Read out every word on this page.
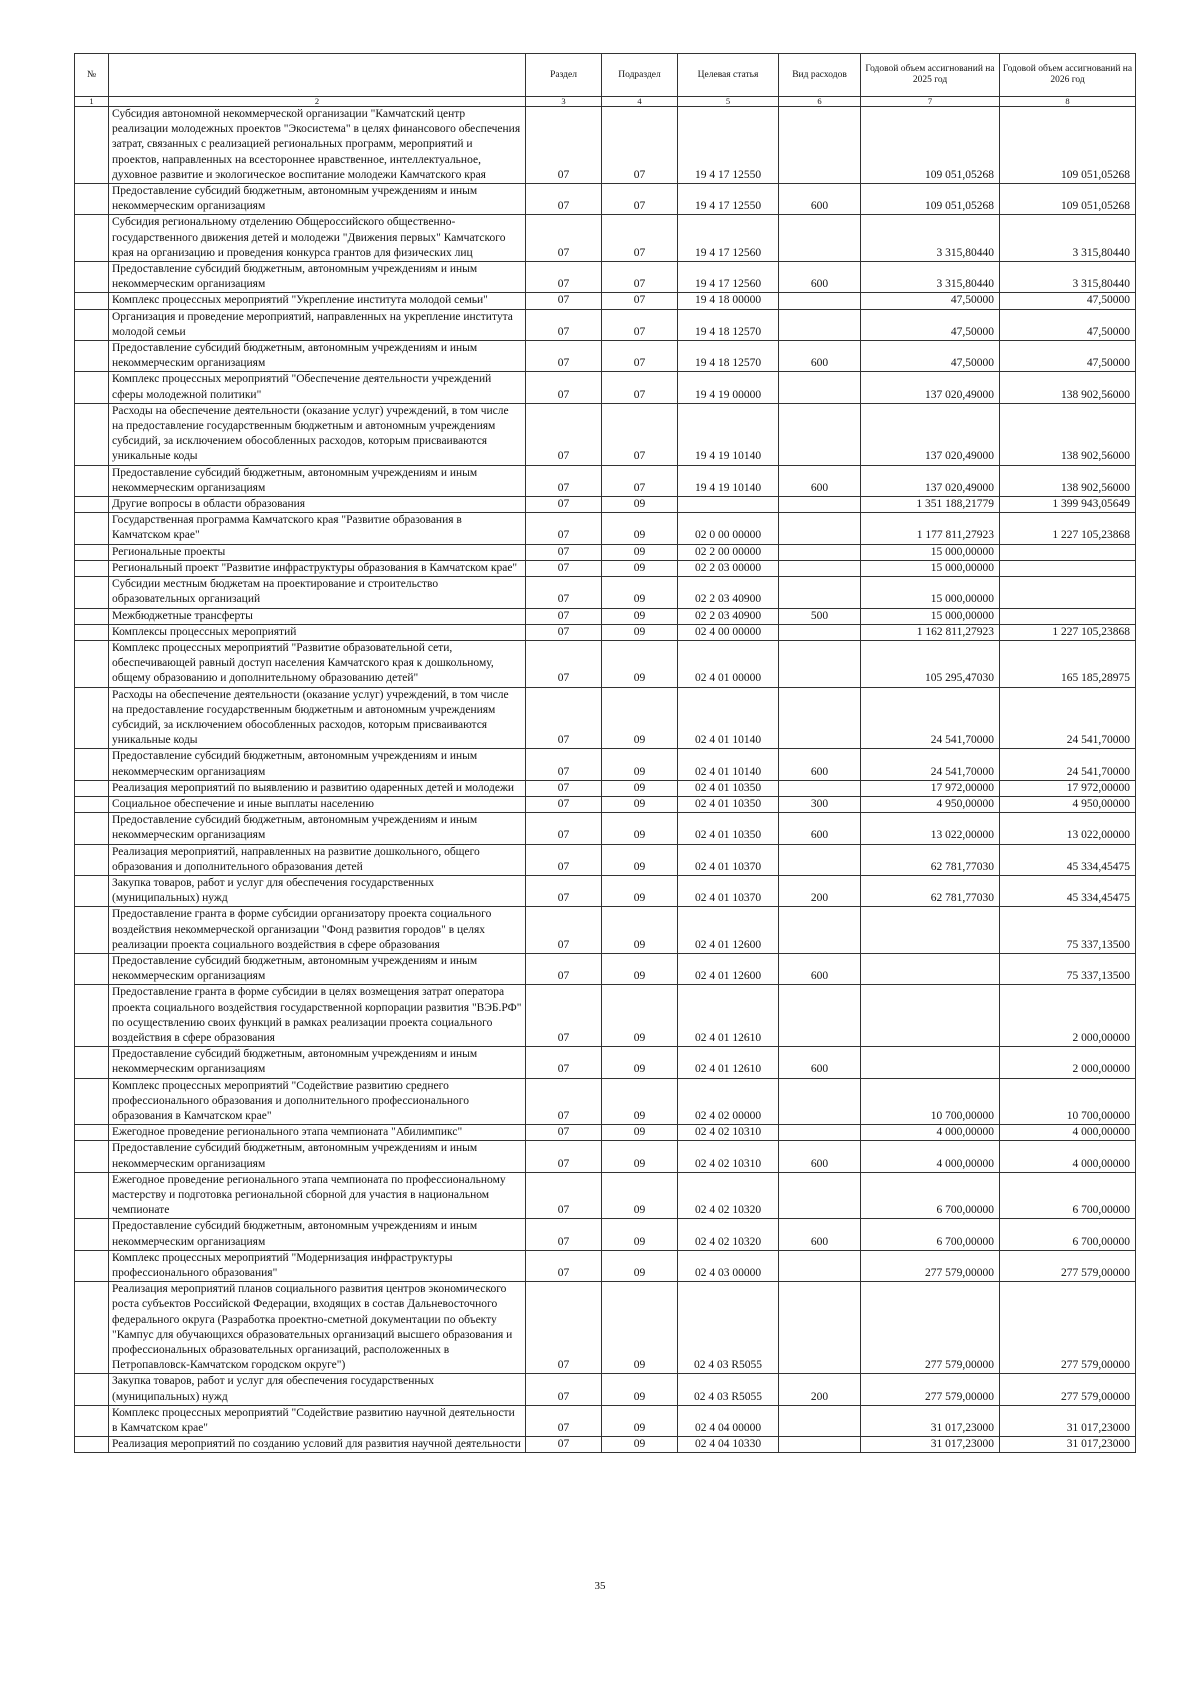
№		Раздел	Подраздел	Целевая статья	Вид расходов	Годовой объем ассигнований на 2025 год	Годовой объем ассигнований на 2026 год
1	2	3	4	5	6	7	8
	Субсидия автономной некоммерческой организации "Камчатский центр реализации молодежных проектов "Экосистема" в целях финансового обеспечения затрат, связанных с реализацией региональных программ, мероприятий и проектов, направленных на всестороннее нравственное, интеллектуальное, духовное развитие и экологическое воспитание молодежи Камчатского края	07	07	19 4 17 12550		109 051,05268	109 051,05268
	Предоставление субсидий бюджетным, автономным учреждениям и иным некоммерческим организациям	07	07	19 4 17 12550	600	109 051,05268	109 051,05268
	Субсидия региональному отделению Общероссийского общественно-государственного движения детей и молодежи "Движения первых" Камчатского края на организацию и проведения конкурса грантов для физических лиц	07	07	19 4 17 12560		3 315,80440	3 315,80440
	Предоставление субсидий бюджетным, автономным учреждениям и иным некоммерческим организациям	07	07	19 4 17 12560	600	3 315,80440	3 315,80440
	Комплекс процессных мероприятий "Укрепление института молодой семьи"	07	07	19 4 18 00000		47,50000	47,50000
	Организация и проведение мероприятий, направленных на укрепление института молодой семьи	07	07	19 4 18 12570		47,50000	47,50000
	Предоставление субсидий бюджетным, автономным учреждениям и иным некоммерческим организациям	07	07	19 4 18 12570	600	47,50000	47,50000
	Комплекс процессных мероприятий "Обеспечение деятельности учреждений сферы молодежной политики"	07	07	19 4 19 00000		137 020,49000	138 902,56000
	Расходы на обеспечение деятельности (оказание услуг) учреждений, в том числе на предоставление государственным бюджетным и автономным учреждениям субсидий, за исключением обособленных расходов, которым присваиваются уникальные коды	07	07	19 4 19 10140		137 020,49000	138 902,56000
	Предоставление субсидий бюджетным, автономным учреждениям и иным некоммерческим организациям	07	07	19 4 19 10140	600	137 020,49000	138 902,56000
	Другие вопросы в области образования	07	09			1 351 188,21779	1 399 943,05649
	Государственная программа Камчатского края "Развитие образования в Камчатском крае"	07	09	02 0 00 00000		1 177 811,27923	1 227 105,23868
	Региональные проекты	07	09	02 2 00 00000		15 000,00000	
	Региональный проект "Развитие инфраструктуры образования в Камчатском крае"	07	09	02 2 03 00000		15 000,00000	
	Субсидии местным бюджетам на проектирование и строительство образовательных организаций	07	09	02 2 03 40900		15 000,00000	
	Межбюджетные трансферты	07	09	02 2 03 40900	500	15 000,00000	
	Комплексы процессных мероприятий	07	09	02 4 00 00000		1 162 811,27923	1 227 105,23868
	Комплекс процессных мероприятий "Развитие образовательной сети, обеспечивающей равный доступ населения Камчатского края к дошкольному, общему образованию и дополнительному образованию детей"	07	09	02 4 01 00000		105 295,47030	165 185,28975
	Расходы на обеспечение деятельности (оказание услуг) учреждений, в том числе на предоставление государственным бюджетным и автономным учреждениям субсидий, за исключением обособленных расходов, которым присваиваются уникальные коды	07	09	02 4 01 10140		24 541,70000	24 541,70000
	Предоставление субсидий бюджетным, автономным учреждениям и иным некоммерческим организациям	07	09	02 4 01 10140	600	24 541,70000	24 541,70000
	Реализация мероприятий по выявлению и развитию одаренных детей и молодежи	07	09	02 4 01 10350		17 972,00000	17 972,00000
	Социальное обеспечение и иные выплаты населению	07	09	02 4 01 10350	300	4 950,00000	4 950,00000
	Предоставление субсидий бюджетным, автономным учреждениям и иным некоммерческим организациям	07	09	02 4 01 10350	600	13 022,00000	13 022,00000
	Реализация мероприятий, направленных на развитие дошкольного, общего образования и дополнительного образования детей	07	09	02 4 01 10370		62 781,77030	45 334,45475
	Закупка товаров, работ и услуг для обеспечения государственных (муниципальных) нужд	07	09	02 4 01 10370	200	62 781,77030	45 334,45475
	Предоставление гранта в форме субсидии организатору проекта социального воздействия некоммерческой организации "Фонд развития городов" в целях реализации проекта социального воздействия в сфере образования	07	09	02 4 01 12600			75 337,13500
	Предоставление субсидий бюджетным, автономным учреждениям и иным некоммерческим организациям	07	09	02 4 01 12600	600		75 337,13500
	Предоставление гранта в форме субсидии в целях возмещения затрат оператора проекта социального воздействия государственной корпорации развития "ВЭБ.РФ" по осуществлению своих функций в рамках реализации проекта социального воздействия в сфере образования	07	09	02 4 01 12610			2 000,00000
	Предоставление субсидий бюджетным, автономным учреждениям и иным некоммерческим организациям	07	09	02 4 01 12610	600		2 000,00000
	Комплекс процессных мероприятий "Содействие развитию среднего профессионального образования и дополнительного профессионального образования в Камчатском крае"	07	09	02 4 02 00000		10 700,00000	10 700,00000
	Ежегодное проведение регионального этапа чемпионата "Абилимпикс"	07	09	02 4 02 10310		4 000,00000	4 000,00000
	Предоставление субсидий бюджетным, автономным учреждениям и иным некоммерческим организациям	07	09	02 4 02 10310	600	4 000,00000	4 000,00000
	Ежегодное проведение регионального этапа чемпионата по профессиональному мастерству и подготовка региональной сборной для участия в национальном чемпионате	07	09	02 4 02 10320		6 700,00000	6 700,00000
	Предоставление субсидий бюджетным, автономным учреждениям и иным некоммерческим организациям	07	09	02 4 02 10320	600	6 700,00000	6 700,00000
	Комплекс процессных мероприятий "Модернизация инфраструктуры профессионального образования"	07	09	02 4 03 00000		277 579,00000	277 579,00000
	Реализация мероприятий планов социального развития центров экономического роста субъектов Российской Федерации, входящих в состав Дальневосточного федерального округа (Разработка проектно-сметной документации по объекту "Кампус для обучающихся образовательных организаций высшего образования и профессиональных образовательных организаций, расположенных в Петропавловск-Камчатском городском округе")	07	09	02 4 03 R5055		277 579,00000	277 579,00000
	Закупка товаров, работ и услуг для обеспечения государственных (муниципальных) нужд	07	09	02 4 03 R5055	200	277 579,00000	277 579,00000
	Комплекс процессных мероприятий "Содействие развитию научной деятельности в Камчатском крае"	07	09	02 4 04 00000		31 017,23000	31 017,23000
	Реализация мероприятий по созданию условий для развития научной деятельности	07	09	02 4 04 10330		31 017,23000	31 017,23000
35
